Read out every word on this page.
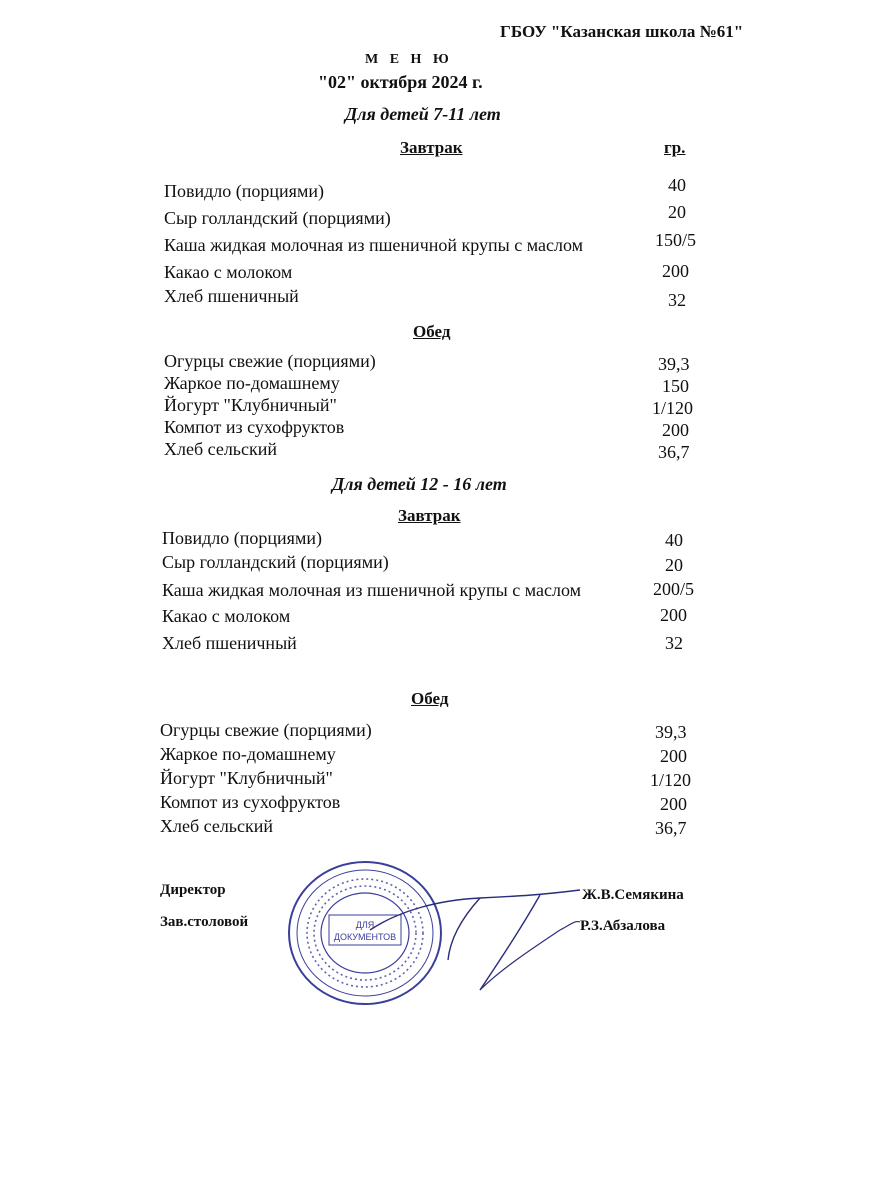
ГБОУ "Казанская школа №61"
М Е Н Ю
"02" октября 2024 г.
Для детей 7-11 лет
Завтрак	гр.
Повидло (порциями)	40
Сыр голландский (порциями)	20
Каша жидкая молочная из пшеничной крупы с маслом	150/5
Какао с молоком	200
Хлеб пшеничный	32
Обед
Огурцы свежие (порциями)	39,3
Жаркое по-домашнему	150
Йогурт "Клубничный"	1/120
Компот из сухофруктов	200
Хлеб сельский	36,7
Для детей 12 - 16 лет
Завтрак
Повидло (порциями)	40
Сыр голландский (порциями)	20
Каша жидкая молочная из пшеничной крупы с маслом	200/5
Какао с молоком	200
Хлеб пшеничный	32
Обед
Огурцы свежие (порциями)	39,3
Жаркое по-домашнему	200
Йогурт "Клубничный"	1/120
Компот из сухофруктов	200
Хлеб сельский	36,7
Директор	Ж.В.Семякина
Зав.столовой	Р.З.Абзалова
ДЛЯ
ДОКУМЕНТОВ
